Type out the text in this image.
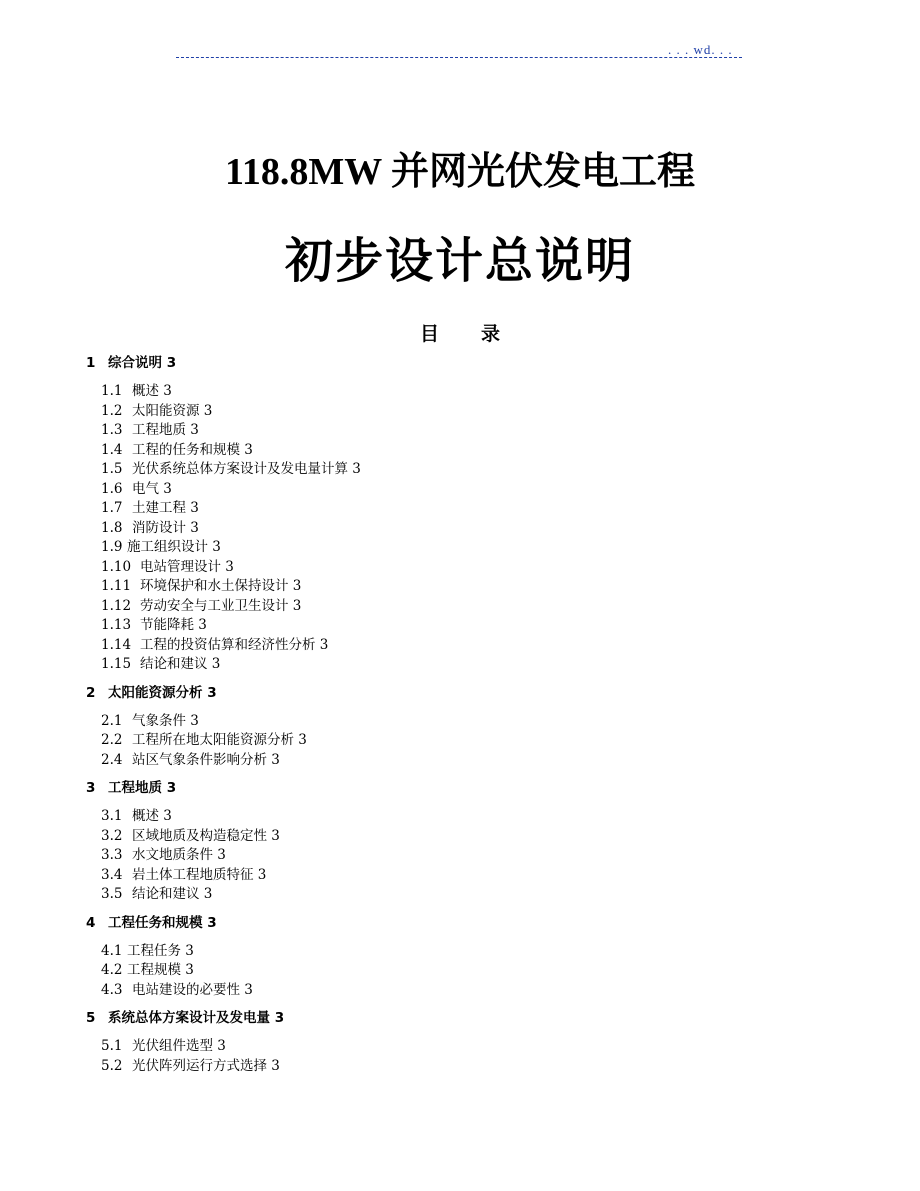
. . . wd. . .
118.8MW 并网光伏发电工程
初步设计总说明
目录
1 综合说明 3
1.1 概述 3
1.2 太阳能资源 3
1.3 工程地质 3
1.4 工程的任务和规模 3
1.5 光伏系统总体方案设计及发电量计算 3
1.6 电气 3
1.7 土建工程 3
1.8 消防设计 3
1.9 施工组织设计 3
1.10 电站管理设计 3
1.11 环境保护和水土保持设计 3
1.12 劳动安全与工业卫生设计 3
1.13 节能降耗 3
1.14 工程的投资估算和经济性分析 3
1.15 结论和建议 3
2 太阳能资源分析 3
2.1 气象条件 3
2.2 工程所在地太阳能资源分析 3
2.4 站区气象条件影响分析 3
3 工程地质 3
3.1 概述 3
3.2 区域地质及构造稳定性 3
3.3 水文地质条件 3
3.4 岩土体工程地质特征 3
3.5 结论和建议 3
4 工程任务和规模 3
4.1 工程任务 3
4.2 工程规模 3
4.3 电站建设的必要性 3
5 系统总体方案设计及发电量 3
5.1 光伏组件选型 3
5.2 光伏阵列运行方式选择 3
